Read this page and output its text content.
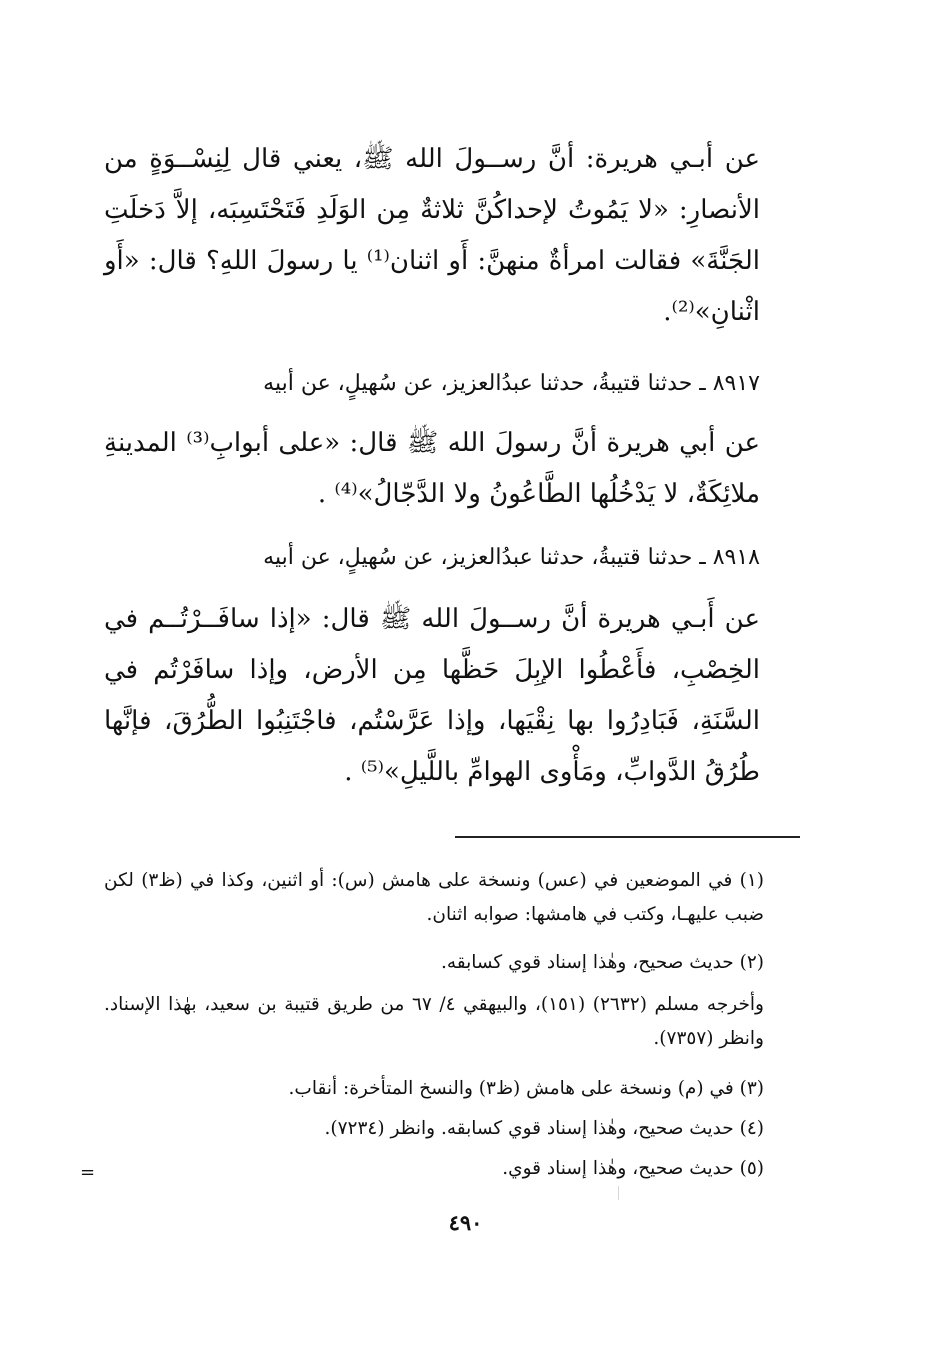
عن أبـي هريرة: أنَّ رســولَ الله ﷺ، يعني قال لِنِسْــوَةٍ من الأنصارِ: «لا يَمُوتُ لإحداكُنَّ ثلاثةٌ مِن الوَلَدِ فَتَحْتَسِبَه، إلاَّ دَخلَتِ الجَنَّةَ» فقالت امرأةٌ منهنَّ: أَو اثنان⁽¹⁾ يا رسولَ اللهِ؟ قال: «أَو اثْنانِ»⁽²⁾.
٨٩١٧ ـ حدثنا قتيبةُ، حدثنا عبدُالعزيز، عن سُهيلٍ، عن أبيه
عن أبي هريرة أنَّ رسولَ الله ﷺ قال: «على أبوابِ⁽³⁾ المدينةِ ملائِكَةٌ، لا يَدْخُلُها الطَّاعُونُ ولا الدَّجّالُ»⁽⁴⁾ .
٨٩١٨ ـ حدثنا قتيبةُ، حدثنا عبدُالعزيز، عن سُهيلٍ، عن أبيه
عن أَبـي هريرة أنَّ رســولَ الله ﷺ قال: «إذا سافَــرْتُــم في الخِصْبِ، فأَعْطُوا الإبِلَ حَظَّها مِن الأرض، وإذا سافَرْتُم في السَّنَةِ، فَبَادِرُوا بها نِقْيَها، وإذا عَرَّسْتُم، فاجْتَنِبُوا الطُّرُقَ، فإنَّها طُرُقُ الدَّوابِّ، ومَأْوى الهوامِّ باللَّيلِ»⁽⁵⁾ .
(١) في الموضعين في (عس) ونسخة على هامش (س): أو اثنين، وكذا في (ظ٣) لكن ضبب عليهـا، وكتب في هامشها: صوابه اثنان.
(٢) حديث صحيح، وهٰذا إسناد قوي كسابقه.
وأخرجه مسلم (٢٦٣٢) (١٥١)، والبيهقي ٤/ ٦٧ من طريق قتيبة بن سعيد، بهٰذا الإسناد. وانظر (٧٣٥٧).
(٣) في (م) ونسخة على هامش (ظ٣) والنسخ المتأخرة: أنقاب.
(٤) حديث صحيح، وهٰذا إسناد قوي كسابقه. وانظر (٧٢٣٤).
(٥) حديث صحيح، وهٰذا إسناد قوي.
٤٩٠
=
